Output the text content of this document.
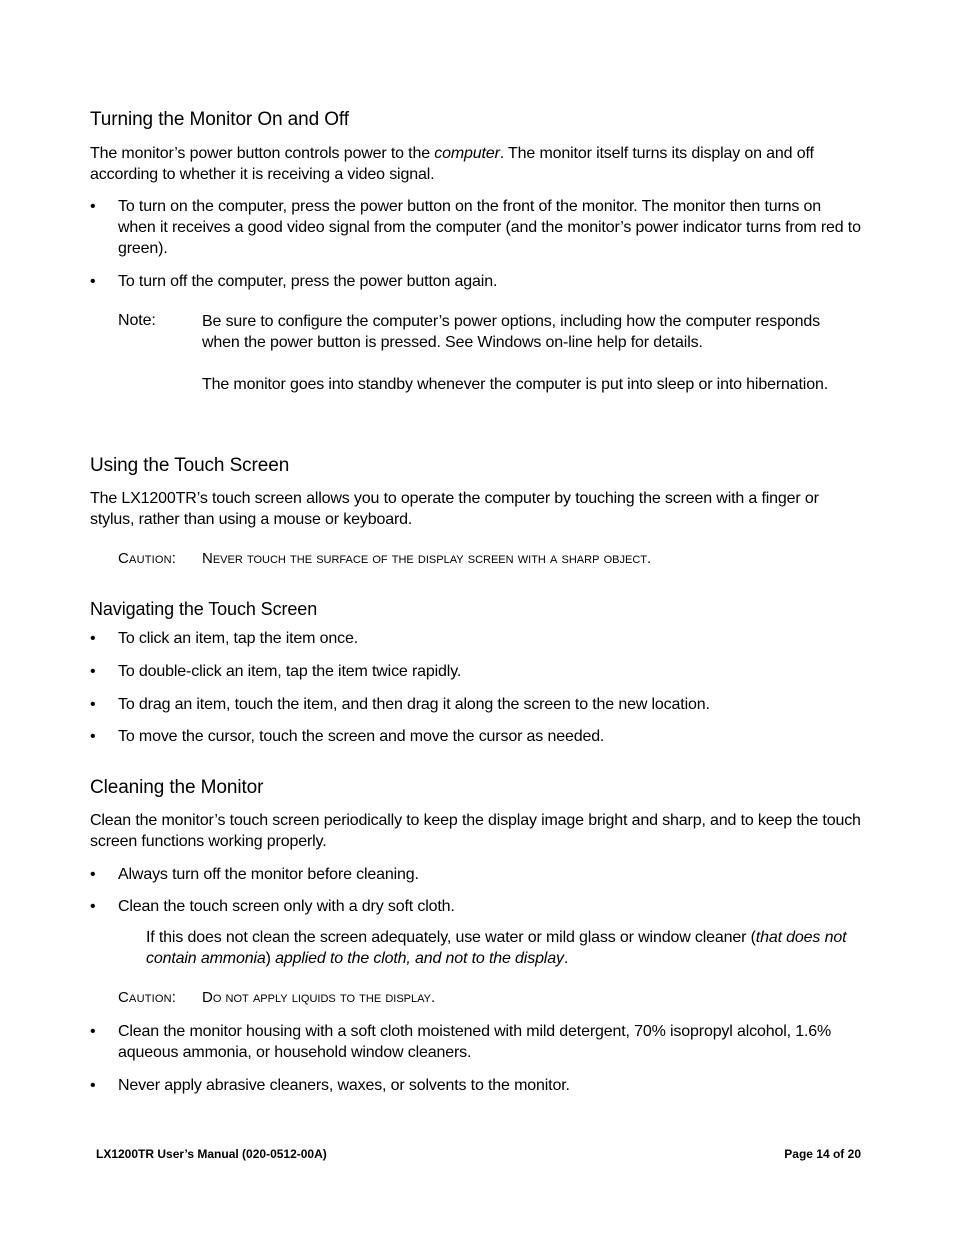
Turning the Monitor On and Off

The monitor’s power button controls power to the computer. The monitor itself turns its display on and off according to whether it is receiving a video signal.

•	To turn on the computer, press the power button on the front of the monitor. The monitor then turns on when it receives a good video signal from the computer (and the monitor’s power indicator turns from red to green).
•	To turn off the computer, press the power button again.
Note:	Be sure to configure the computer’s power options, including how the computer responds when the power button is pressed. See Windows on-line help for details.

The monitor goes into standby whenever the computer is put into sleep or into hibernation.

Using the Touch Screen

The LX1200TR’s touch screen allows you to operate the computer by touching the screen with a finger or stylus, rather than using a mouse or keyboard.

Caution: Never touch the surface of the display screen with a sharp object.
Navigating the Touch Screen
•	To click an item, tap the item once.
•	To double-click an item, tap the item twice rapidly.
•	To drag an item, touch the item, and then drag it along the screen to the new location.
•	To move the cursor, touch the screen and move the cursor as needed.
Cleaning the Monitor

Clean the monitor’s touch screen periodically to keep the display image bright and sharp, and to keep the touch screen functions working properly.

•	Always turn off the monitor before cleaning.
•	Clean the touch screen only with a dry soft cloth.

If this does not clean the screen adequately, use water or mild glass or window cleaner (that does not contain ammonia) applied to the cloth, and not to the display.

Caution: Do not apply liquids to the display.
•	Clean the monitor housing with a soft cloth moistened with mild detergent, 70% isopropyl alcohol, 1.6% aqueous ammonia, or household window cleaners.
•	Never apply abrasive cleaners, waxes, or solvents to the monitor.
LX1200TR User’s Manual (020-0512-00A)	Page 14 of 20
